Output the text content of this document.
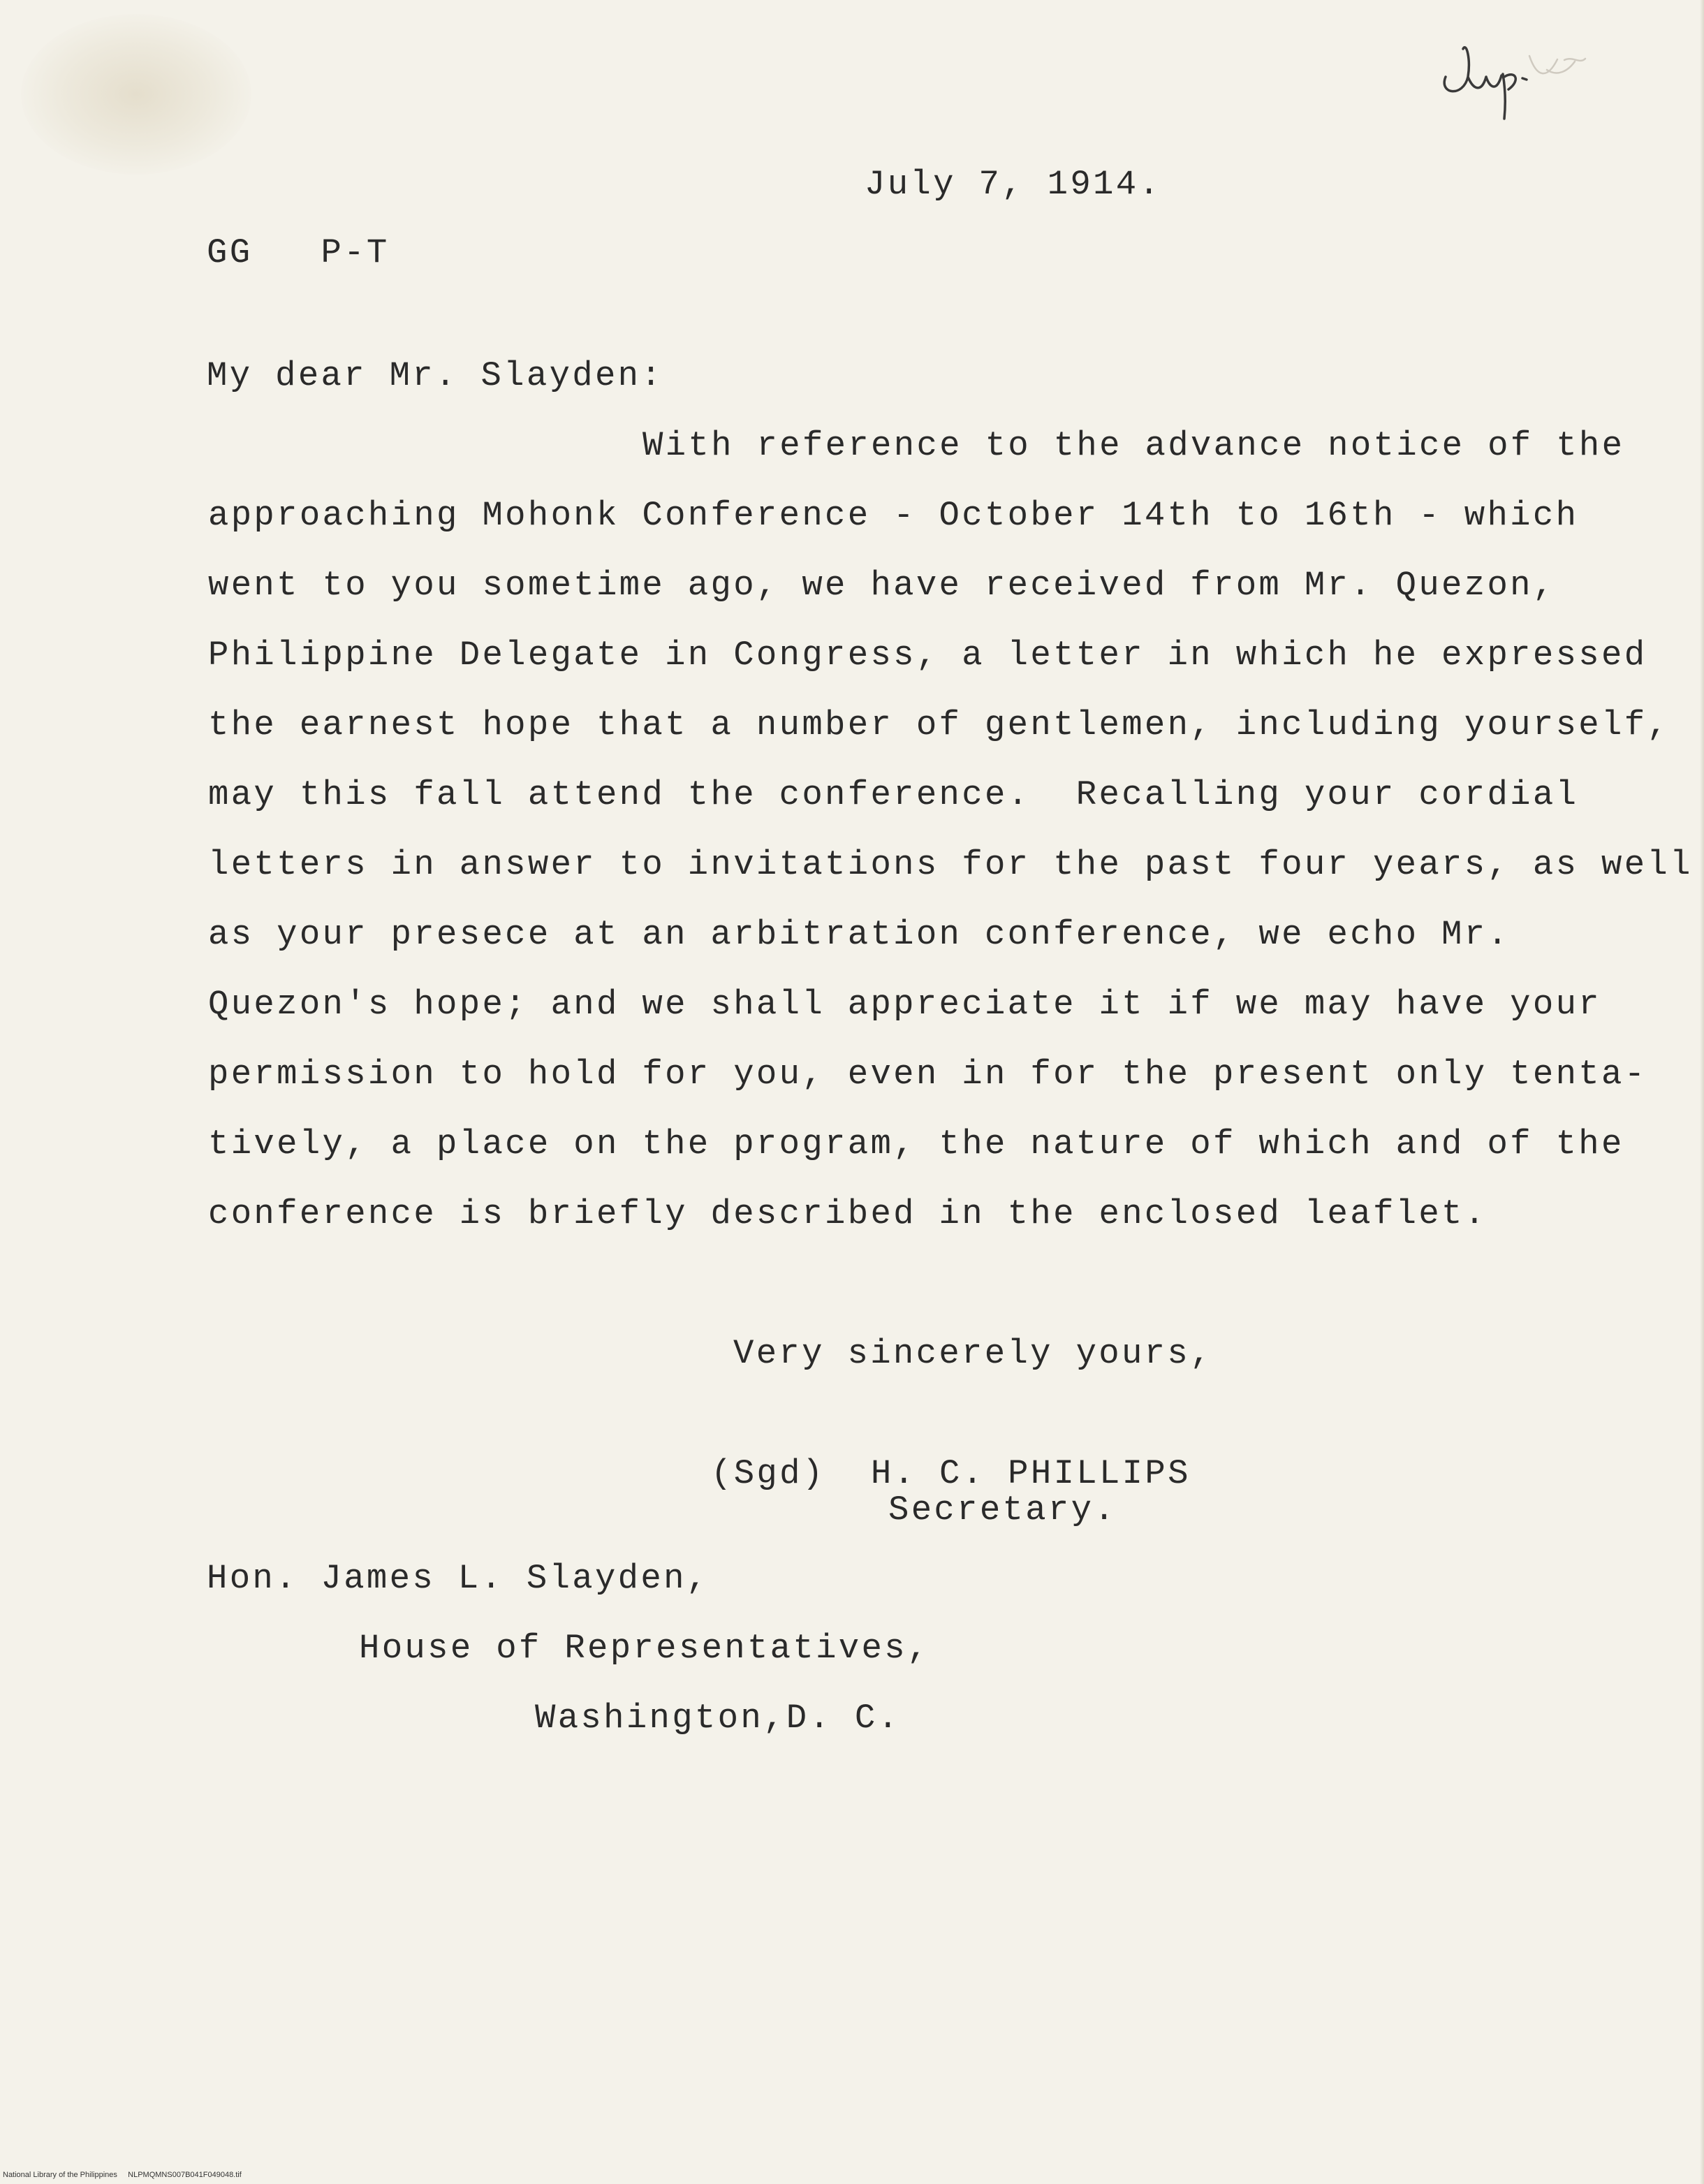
July 7, 1914.
GG   P-T
My dear Mr. Slayden:
With reference to the advance notice of the
approaching Mohonk Conference - October 14th to 16th - which
went to you sometime ago, we have received from Mr. Quezon,
Philippine Delegate in Congress, a letter in which he expressed
the earnest hope that a number of gentlemen, including yourself,
may this fall attend the conference.  Recalling your cordial
letters in answer to invitations for the past four years, as well
as your presece at an arbitration conference, we echo Mr.
Quezon's hope; and we shall appreciate it if we may have your
permission to hold for you, even in for the present only tenta-
tively, a place on the program, the nature of which and of the
conference is briefly described in the enclosed leaflet.
Very sincerely yours,
(Sgd)  H. C. PHILLIPS
Secretary.
Hon. James L. Slayden,
House of Representatives,
Washington,D. C.
National Library of the Philippines     NLPMQMNS007B041F049048.tif
